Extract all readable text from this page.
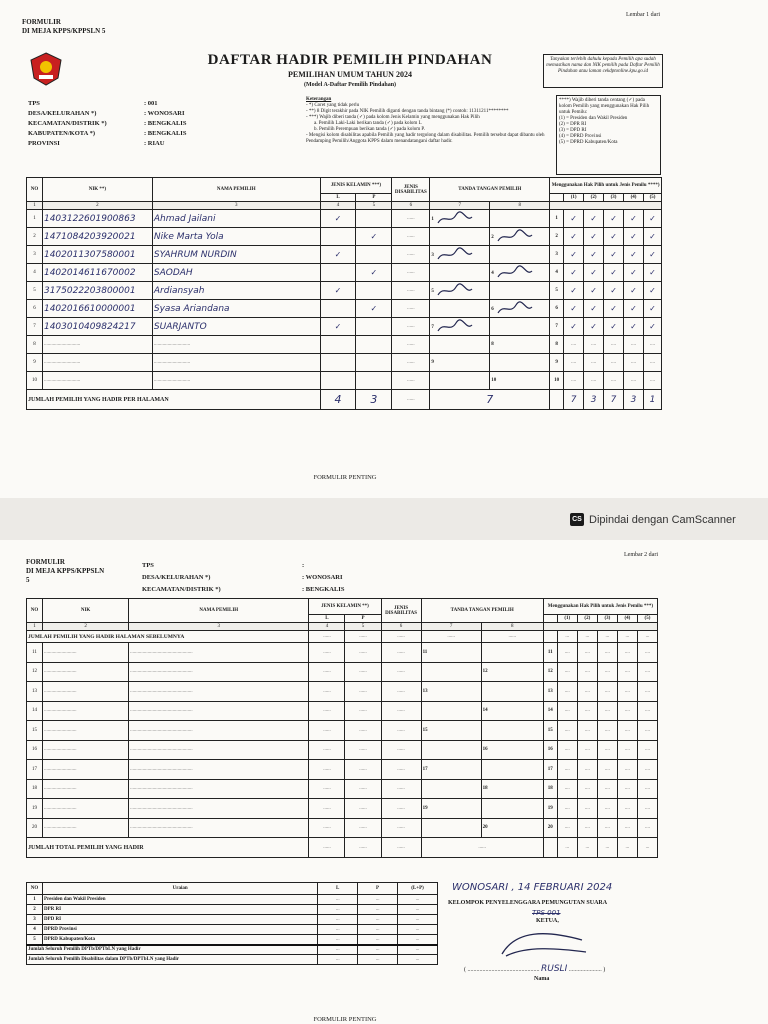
FORMULIR
DI MEJA KPPS/KPPSLN 5
Lembar 1 dari
DAFTAR HADIR PEMILIH PINDAHAN
PEMILIHAN UMUM TAHUN 2024
(Model A-Daftar Pemilih Pindahan)
Tanyakan terlebih dahulu kepada Pemilih apa sudah memastikan nama dan NIK pemilih pada Daftar Pemilih Pindahan atau laman cekdptonline.kpu.go.id
TPS	: 001
DESA/KELURAHAN *)	: WONOSARI
KECAMATAN/DISTRIK *)	: BENGKALIS
KABUPATEN/KOTA *)	: BENGKALIS
PROVINSI	: RIAU
Keterangan
- *) Coret yang tidak perlu
- **) 8 Digit terakhir pada NIK Pemilih diganti dengan tanda bintang (*) contoh: 11311211********
- ***) Wajib diberi tanda (✓) pada kolom Jenis Kelamin yang menggunakan Hak Pilih
a. Pemilih Laki-Laki berikan tanda (✓) pada kolom L
b. Pemilih Perempuan berikan tanda (✓) pada kolom P.
- Mengisi kolom disabilitas apabila Pemilih yang hadir tergolong dalam disabilitas. Pemilih tersebut dapat dibantu oleh Pendamping Pemilih/Anggota KPPS dalam menandatangani daftar hadir.
****) Wajib diberi tanda centang (✓) pada kolom Pemilih yang menggunakan Hak Pilih untuk Pemilu:
(1) = Presiden dan Wakil Presiden
(2) = DPR RI
(3) = DPD RI
(4) = DPRD Provinsi
(5) = DPRD Kabupaten/Kota
NO	NIK **)	NAMA PEMILIH	JENIS KELAMIN ***)		JENIS DISABILITAS	TANDA TANGAN PEMILIH		Menggunakan Hak Pilih untuk Jenis Pemilu ****)					
			L	P					(1)	(2)	(3)	(4)	(5)
1	2	3	4	5	6	7	8						
1	1403122601900863	Ahmad Jailani	✓		......	1		1	✓	✓	✓	✓	✓
2	1471084203920021	Nike Marta Yola		✓	......		2	2	✓	✓	✓	✓	✓
3	1402011307580001	SYAHRUM NURDIN	✓		......	3		3	✓	✓	✓	✓	✓
4	1402014611670002	SAODAH		✓	......		4	4	✓	✓	✓	✓	✓
5	3175022203800001	Ardiansyah	✓		......	5		5	✓	✓	✓	✓	✓
6	1402016610000001	Syasa Ariandana		✓	......		6	6	✓	✓	✓	✓	✓
7	1403010409824217	SUARJANTO	✓		......	7		7	✓	✓	✓	✓	✓
8	.............................	.............................			......		8	8	....	....	....	....	....
9	.............................	.............................			......	9		9	....	....	....	....	....
10	.............................	.............................			......		10	10	....	....	....	....	....
JUMLAH PEMILIH YANG HADIR PER HALAMAN			4	3	......	7			7	3	7	3	1
FORMULIR PENTING
CS Dipindai dengan CamScanner
FORMULIR
DI MEJA KPPS/KPPSLN
5
Lembar 2 dari
TPS	:
DESA/KELURAHAN *)	: WONOSARI
KECAMATAN/DISTRIK *)	: BENGKALIS
NO	NIK	NAMA PEMILIH	JENIS KELAMIN **)		JENIS DISABILITAS	TANDA TANGAN PEMILIH		Menggunakan Hak Pilih untuk Jenis Pemilu ***)					
			L	P					(1)	(2)	(3)	(4)	(5)
1	2	3	4	5	6	7	8						
JUMLAH PEMILIH YANG HADIR HALAMAN SEBELUMNYA			......	......	......	......	......		...	...	...	...	...
11	..........................	..................................................	......	......	......	11		11	....	....	....	....	....
12	..........................	..................................................	......	......	......		12	12	....	....	....	....	....
13	..........................	..................................................	......	......	......	13		13	....	....	....	....	....
14	..........................	..................................................	......	......	......		14	14	....	....	....	....	....
15	..........................	..................................................	......	......	......	15		15	....	....	....	....	....
16	..........................	..................................................	......	......	......		16	16	....	....	....	....	....
17	..........................	..................................................	......	......	......	17		17	....	....	....	....	....
18	..........................	..................................................	......	......	......		18	18	....	....	....	....	....
19	..........................	..................................................	......	......	......	19		19	....	....	....	....	....
20	..........................	..................................................	......	......	......		20	20	....	....	....	....	....
JUMLAH TOTAL PEMILIH YANG HADIR			......	......	......	......			...	...	...	...	...
NO	Uraian	L	P	(L+P)
1	Presiden dan Wakil Presiden	...	...	...
2	DPR RI	...	...	...
3	DPD RI	...	...	...
4	DPRD Provinsi	...	...	...
5	DPRD Kabupaten/Kota	...	...	...
Jumlah Seluruh Pemilih DPTb/DPTbLN yang Hadir		...	...	...
Jumlah Seluruh Pemilih Disabilitas dalam DPTb/DPTbLN yang Hadir		...	...	...
WONOSARI , 14 FEBRUARI 2024
KELOMPOK PENYELENGGARA PEMUNGUTAN SUARA
TPS 001
KETUA,
( ................................................ RUSLI ...................... )
Nama
FORMULIR PENTING
